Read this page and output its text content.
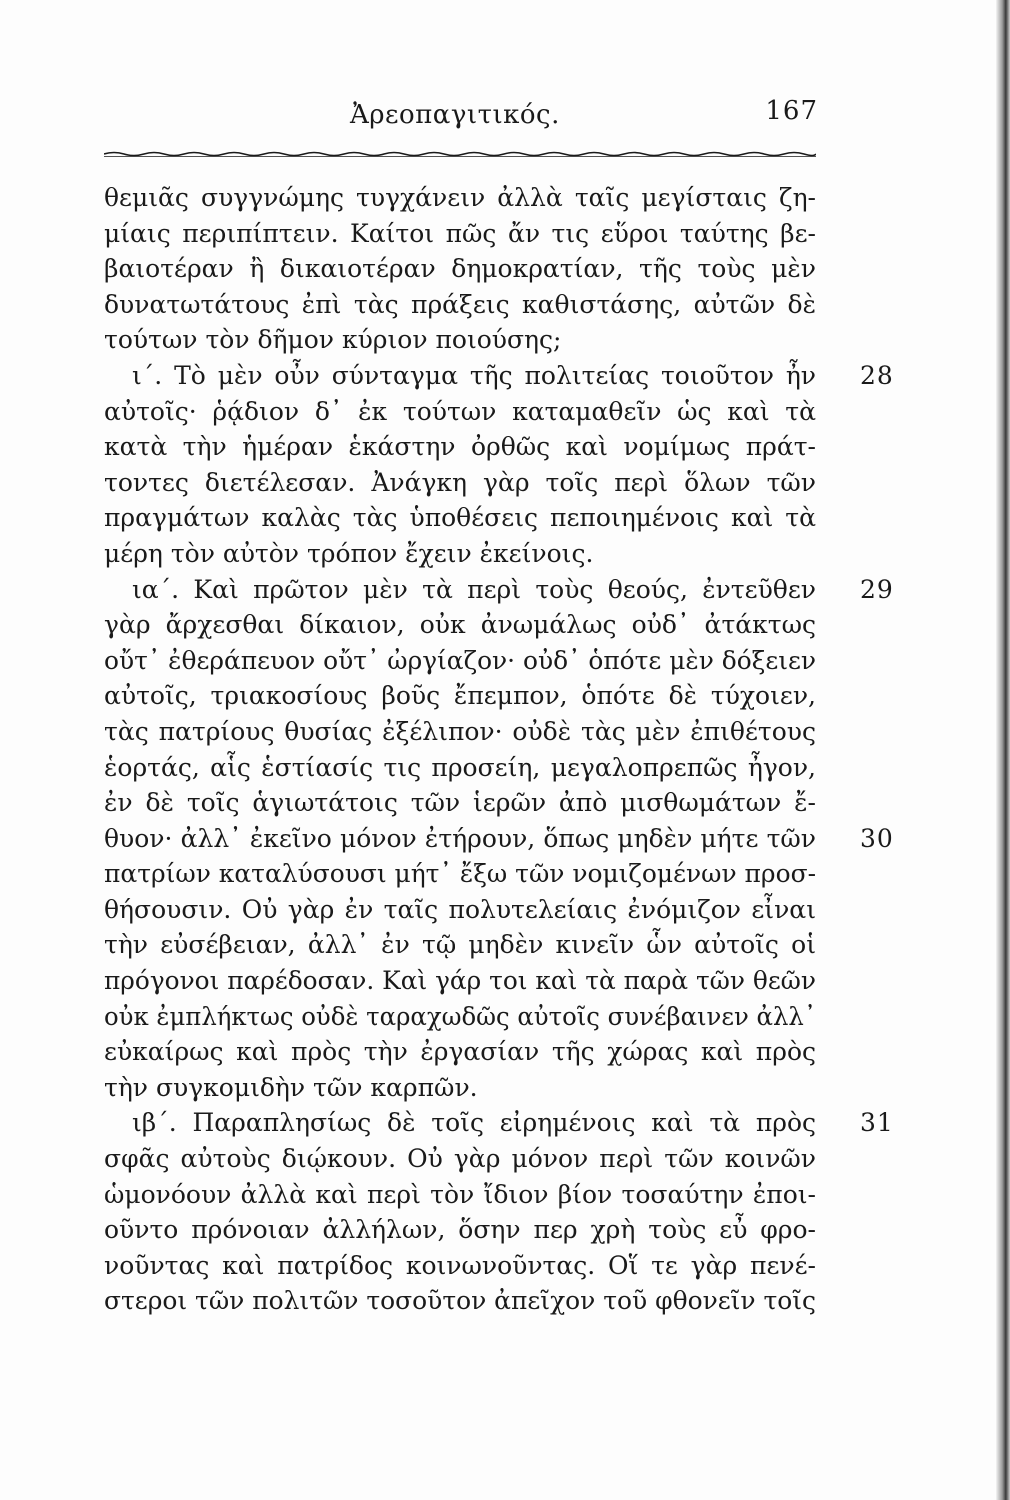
Ἀρεοπαγιτικός.	167
θεμιᾶς συγγνώμης τυγχάνειν ἀλλὰ ταῖς μεγίσταις ζη-
μίαις περιπίπτειν. Καίτοι πῶς ἄν τις εὕροι ταύτης βε-
βαιοτέραν ἢ δικαιοτέραν δημοκρατίαν, τῆς τοὺς μὲν
δυνατωτάτους ἐπὶ τὰς πράξεις καθιστάσης, αὐτῶν δὲ
τούτων τὸν δῆμον κύριον ποιούσης;
ι΄. Τὸ μὲν οὖν σύνταγμα τῆς πολιτείας τοιοῦτον ἦν 28
αὐτοῖς· ῥᾴδιον δ᾽ ἐκ τούτων καταμαθεῖν ὡς καὶ τὰ
κατὰ τὴν ἡμέραν ἑκάστην ὀρθῶς καὶ νομίμως πράτ-
τοντες διετέλεσαν. Ἀνάγκη γὰρ τοῖς περὶ ὅλων τῶν
πραγμάτων καλὰς τὰς ὑποθέσεις πεποιημένοις καὶ τὰ
μέρη τὸν αὐτὸν τρόπον ἔχειν ἐκείνοις.
ια΄. Καὶ πρῶτον μὲν τὰ περὶ τοὺς θεούς, ἐντεῦθεν 29
γὰρ ἄρχεσθαι δίκαιον, οὐκ ἀνωμάλως οὐδ᾽ ἀτάκτως
οὔτ᾽ ἐθεράπευον οὔτ᾽ ὠργίαζον· οὐδ᾽ ὁπότε μὲν δόξειεν
αὐτοῖς, τριακοσίους βοῦς ἔπεμπον, ὁπότε δὲ τύχοιεν,
τὰς πατρίους θυσίας ἐξέλιπον· οὐδὲ τὰς μὲν ἐπιθέτους
ἑορτάς, αἷς ἑστίασίς τις προσείη, μεγαλοπρεπῶς ἦγον,
ἐν δὲ τοῖς ἁγιωτάτοις τῶν ἱερῶν ἀπὸ μισθωμάτων ἔ-
θυον· ἀλλ᾽ ἐκεῖνο μόνον ἐτήρουν, ὅπως μηδὲν μήτε τῶν 30
πατρίων καταλύσουσι μήτ᾽ ἔξω τῶν νομιζομένων προσ-
θήσουσιν. Οὐ γὰρ ἐν ταῖς πολυτελείαις ἐνόμιζον εἶναι
τὴν εὐσέβειαν, ἀλλ᾽ ἐν τῷ μηδὲν κινεῖν ὧν αὐτοῖς οἱ
πρόγονοι παρέδοσαν. Καὶ γάρ τοι καὶ τὰ παρὰ τῶν θεῶν
οὐκ ἐμπλήκτως οὐδὲ ταραχωδῶς αὐτοῖς συνέβαινεν ἀλλ᾽
εὐκαίρως καὶ πρὸς τὴν ἐργασίαν τῆς χώρας καὶ πρὸς
τὴν συγκομιδὴν τῶν καρπῶν.
ιβ΄. Παραπλησίως δὲ τοῖς εἰρημένοις καὶ τὰ πρὸς 31
σφᾶς αὐτοὺς διῴκουν. Οὐ γὰρ μόνον περὶ τῶν κοινῶν
ὡμονόουν ἀλλὰ καὶ περὶ τὸν ἴδιον βίον τοσαύτην ἐποι-
οῦντο πρόνοιαν ἀλλήλων, ὅσην περ χρὴ τοὺς εὖ φρο-
νοῦντας καὶ πατρίδος κοινωνοῦντας. Οἵ τε γὰρ πενέ-
στεροι τῶν πολιτῶν τοσοῦτον ἀπεῖχον τοῦ φθονεῖν τοῖς
